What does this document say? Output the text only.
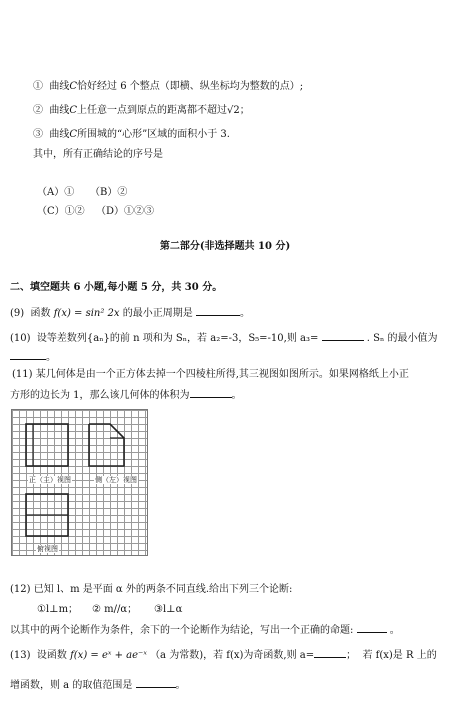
①  曲线C恰好经过 6 个整点（即横、纵坐标均为整数的点）;
②  曲线C上任意一点到原点的距离都不超过√2；
③  曲线C所围城的“心形”区域的面积小于 3.
其中，所有正确结论的序号是
（A）① （B）②
（C）①② （D）①②③
第二部分(非选择题共 10 分)
二、填空题共 6 小题,每小题 5 分，共 30 分。
(9)  函数 f(x) = sin² 2x 的最小正周期是	。
(10)  设等差数列{aₙ}的前 n 项和为 Sₙ，若 a₂=-3，S₅=-10,则 a₃=	. Sₙ 的最小值为
。
(11) 某几何体是由一个正方体去掉一个四棱柱所得,其三视图如图所示。如果网格纸上小正
方形的边长为 1，那么该几何体的体积为	。
正（主）视图	侧（左）视图
俯视图
(12) 已知 l、m 是平面 α 外的两条不同直线.给出下列三个论断:
①l⊥m； ② m//α； ③l⊥α
以其中的两个论断作为条件，余下的一个论断作为结论，写出一个正确的命题:	。
(13)  设函数 f(x) = eˣ + ae⁻ˣ （a 为常数)，若 f(x)为奇函数,则 a=	；  若 f(x)是 R 上的
增函数，则 a 的取值范围是	。
